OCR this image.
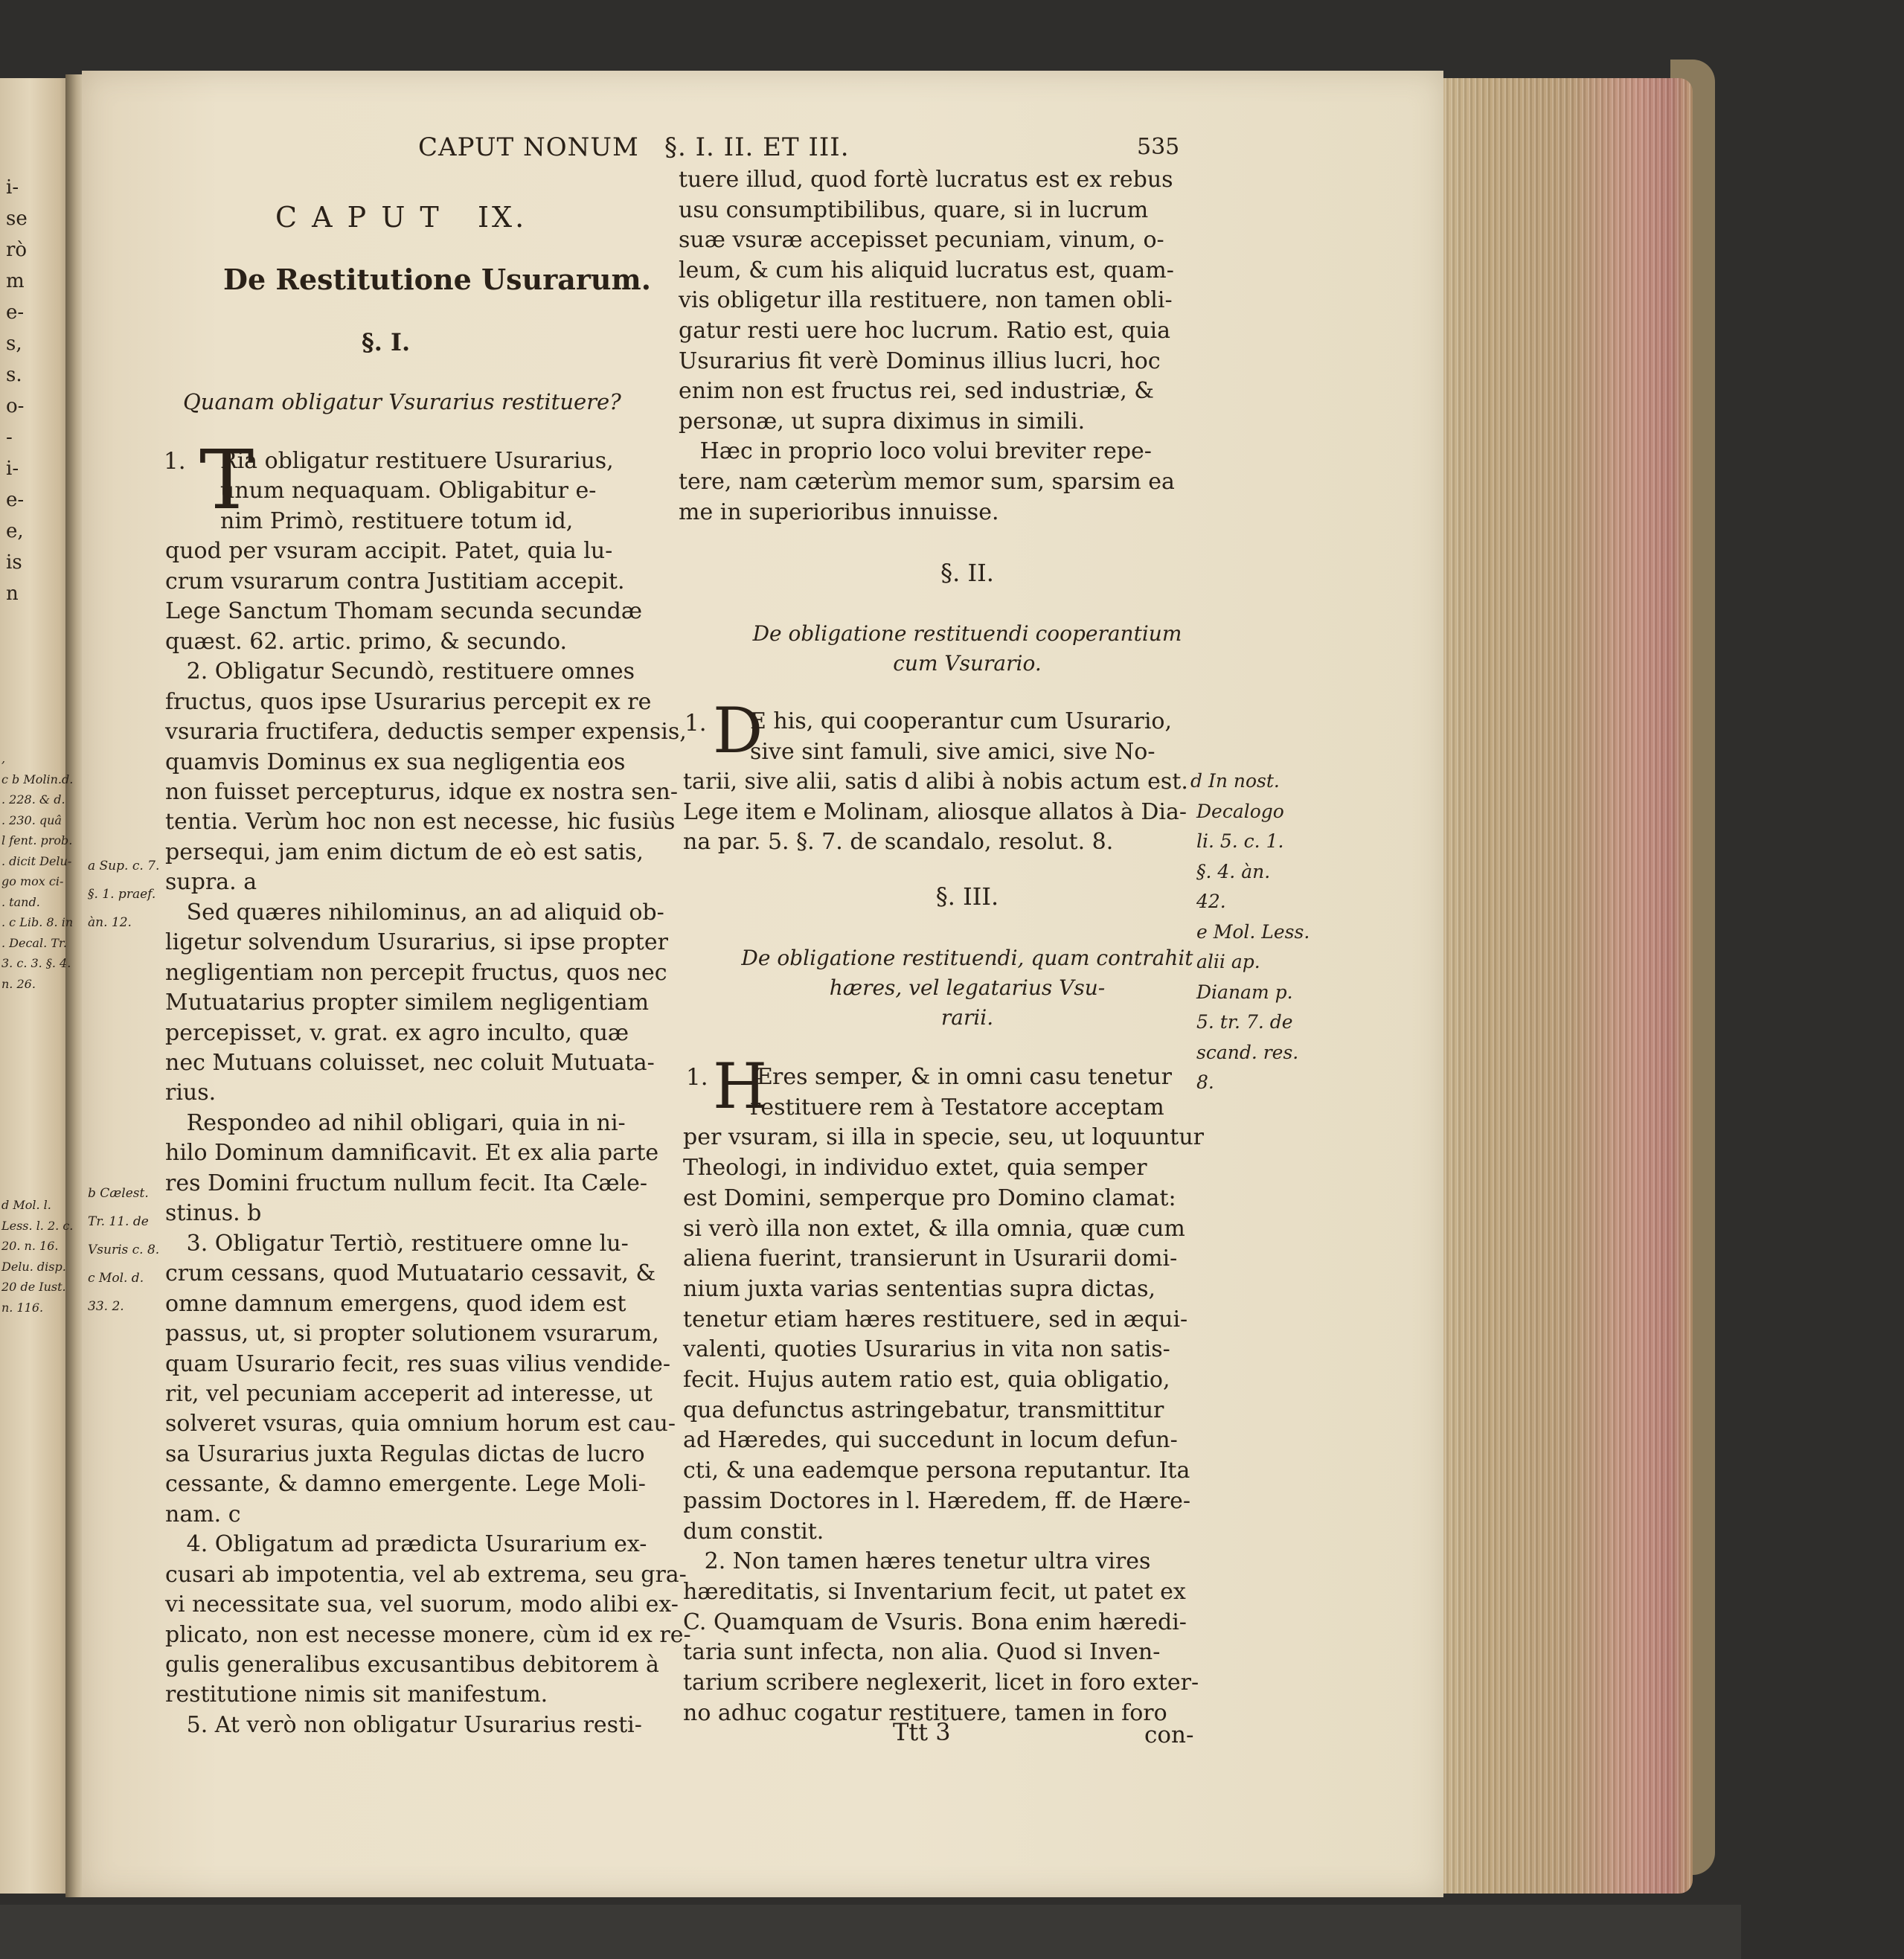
i-
se
rò
m
e-
s,
s.
o-
-
i-
e-
e,
is
n
,
c b Molin.d.
. 228. & d.
. 230. quâ
l fent. prob.
. dicit Delu-
go mox ci-
. tand.
. c Lib. 8. in
. Decal. Tr.
3. c. 3. §. 4.
n. 26.
d Mol. l.
Less. l. 2. c.
20. n. 16.
Delu. disp.
20 de Iust.
n. 116.
CAPUT NONUM §. I. II. ET III.	535
C A P U T   IX.
De Restitutione Usurarum.
§. I.
Quanam obligatur Vsurarius restituere?
1. T
1. D
1. H
Ria obligatur restituere Usurarius,
unum nequaquam. Obligabitur e-
nim Primò, restituere totum id,
quod per vsuram accipit. Patet, quia lu-
crum vsurarum contra Justitiam accepit.
Lege Sanctum Thomam secunda secundæ
quæst. 62. artic. primo, & secundo.
2. Obligatur Secundò, restituere omnes
fructus, quos ipse Usurarius percepit ex re
vsuraria fructifera, deductis semper expensis,
quamvis Dominus ex sua negligentia eos
non fuisset percepturus, idque ex nostra sen-
tentia. Verùm hoc non est necesse, hic fusiùs
persequi, jam enim dictum de eò est satis,
supra. a
Sed quæres nihilominus, an ad aliquid ob-
ligetur solvendum Usurarius, si ipse propter
negligentiam non percepit fructus, quos nec
Mutuatarius propter similem negligentiam
percepisset, v. grat. ex agro inculto, quæ
nec Mutuans coluisset, nec coluit Mutuata-
rius.
Respondeo ad nihil obligari, quia in ni-
hilo Dominum damnificavit. Et ex alia parte
res Domini fructum nullum fecit. Ita Cæle-
stinus. b
3. Obligatur Tertiò, restituere omne lu-
crum cessans, quod Mutuatario cessavit, &
omne damnum emergens, quod idem est
passus, ut, si propter solutionem vsurarum,
quam Usurario fecit, res suas vilius vendide-
rit, vel pecuniam acceperit ad interesse, ut
solveret vsuras, quia omnium horum est cau-
sa Usurarius juxta Regulas dictas de lucro
cessante, & damno emergente. Lege Moli-
nam. c
4. Obligatum ad prædicta Usurarium ex-
cusari ab impotentia, vel ab extrema, seu gra-
vi necessitate sua, vel suorum, modo alibi ex-
plicato, non est necesse monere, cùm id ex re-
gulis generalibus excusantibus debitorem à
restitutione nimis sit manifestum.
5. At verò non obligatur Usurarius resti-
a Sup. c. 7.
§. 1. praef.
àn. 12.
b Cælest.
Tr. 11. de
Vsuris c. 8.
c Mol. d.
33. 2.
tuere illud, quod fortè lucratus est ex rebus
usu consumptibilibus, quare, si in lucrum
suæ vsuræ accepisset pecuniam, vinum, o-
leum, & cum his aliquid lucratus est, quam-
vis obligetur illa restituere, non tamen obli-
gatur resti uere hoc lucrum. Ratio est, quia
Usurarius fit verè Dominus illius lucri, hoc
enim non est fructus rei, sed industriæ, &
personæ, ut supra diximus in simili.
Hæc in proprio loco volui breviter repe-
tere, nam cæterùm memor sum, sparsim ea
me in superioribus innuisse.
§. II.
De obligatione restituendi cooperantium
cum Vsurario.
E his, qui cooperantur cum Usurario,
sive sint famuli, sive amici, sive No-
tarii, sive alii, satis d alibi à nobis actum est.
Lege item e Molinam, aliosque allatos à Dia-
na par. 5. §. 7. de scandalo, resolut. 8.
§. III.
De obligatione restituendi, quam contrahit
hæres, vel legatarius Vsu-
rarii.
Æres semper, & in omni casu tenetur
restituere rem à Testatore acceptam
per vsuram, si illa in specie, seu, ut loquuntur
Theologi, in individuo extet, quia semper
est Domini, semperque pro Domino clamat:
si verò illa non extet, & illa omnia, quæ cum
aliena fuerint, transierunt in Usurarii domi-
nium juxta varias sententias supra dictas,
tenetur etiam hæres restituere, sed in æqui-
valenti, quoties Usurarius in vita non satis-
fecit. Hujus autem ratio est, quia obligatio,
qua defunctus astringebatur, transmittitur
ad Hæredes, qui succedunt in locum defun-
cti, & una eademque persona reputantur. Ita
passim Doctores in l. Hæredem, ff. de Hære-
dum constit.
2. Non tamen hæres tenetur ultra vires
hæreditatis, si Inventarium fecit, ut patet ex
C. Quamquam de Vsuris. Bona enim hæredi-
taria sunt infecta, non alia. Quod si Inven-
tarium scribere neglexerit, licet in foro exter-
no adhuc cogatur restituere, tamen in foro
d In nost.
Decalogo
li. 5. c. 1.
§. 4. àn.
42.
e Mol. Less.
alii ap.
Dianam p.
5. tr. 7. de
scand. res.
8.
Ttt 3	con-
